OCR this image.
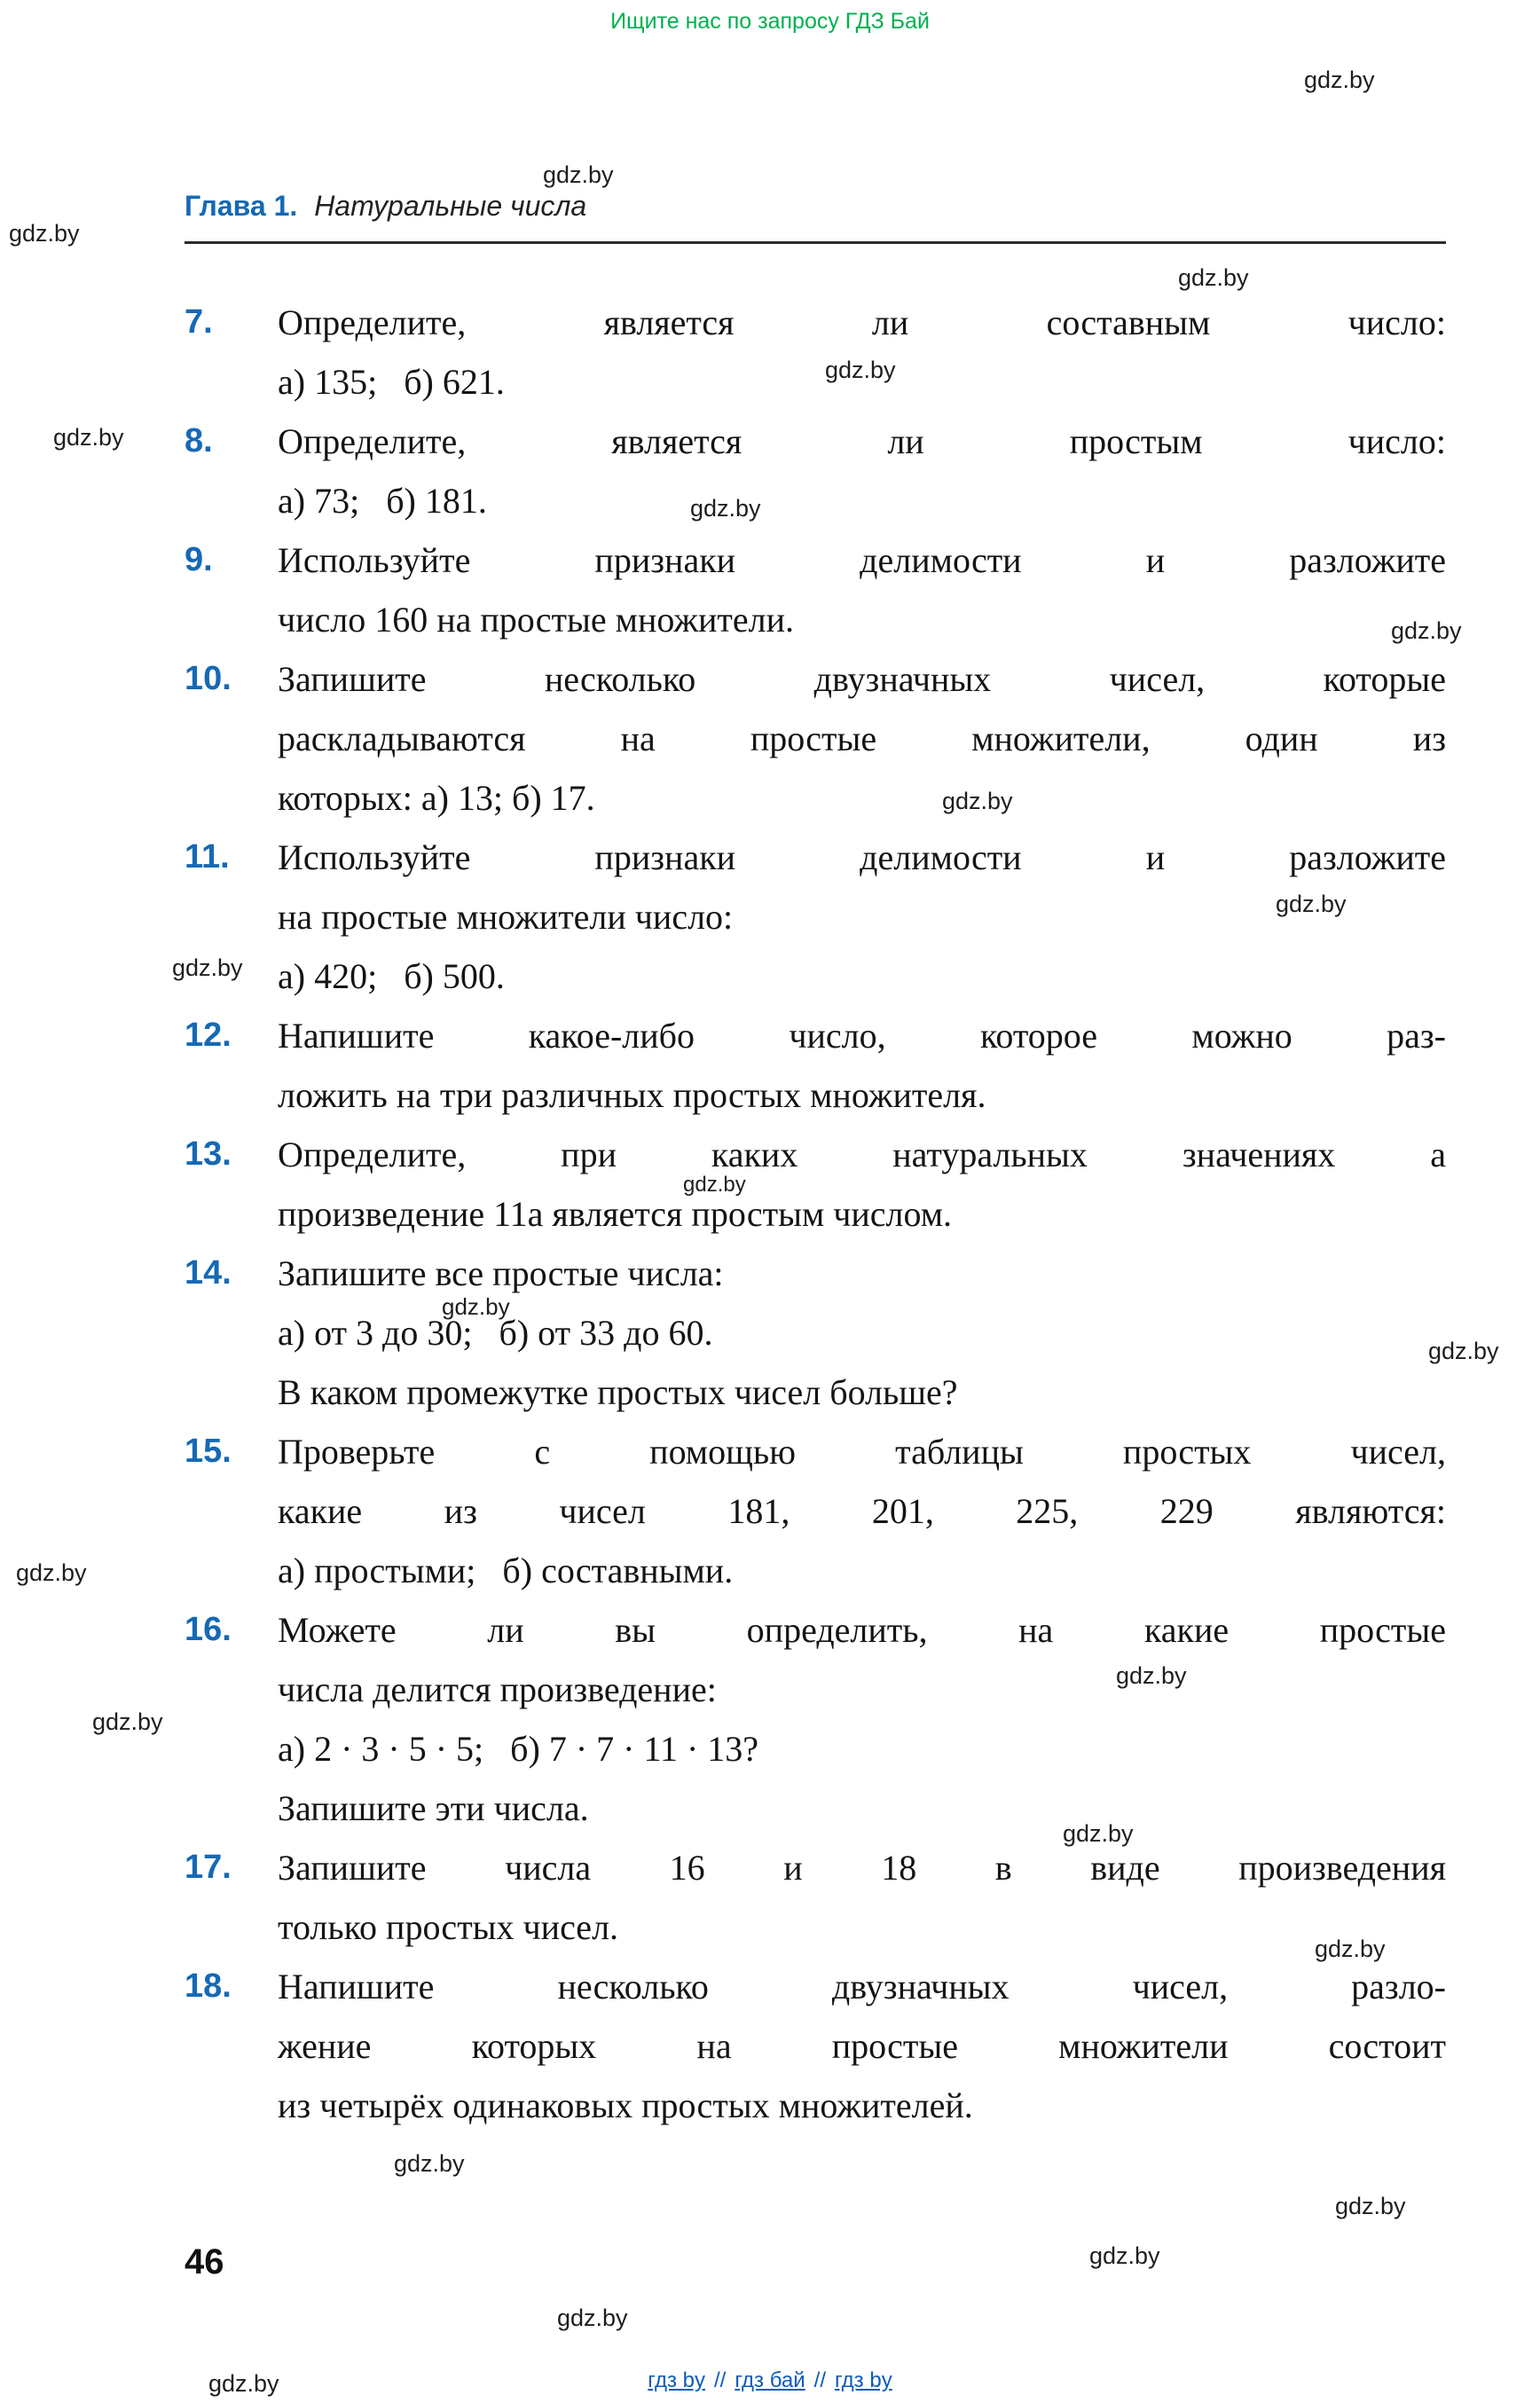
Ищите нас по запросу ГДЗ Бай
gdz.by
gdz.by
gdz.by
gdz.by
gdz.by
gdz.by
gdz.by
gdz.by
gdz.by
gdz.by
gdz.by
gdz.by
gdz.by
gdz.by
gdz.by
gdz.by
gdz.by
gdz.by
gdz.by
gdz.by
gdz.by
gdz.by
gdz.by
gdz.by
Глава 1. Натуральные числа
7.	Определите, является ли составным число:
а) 135;   б) 621.
8.	Определите, является ли простым число:
а) 73;   б) 181.
9.	Используйте признаки делимости и разложите
число 160 на простые множители.
10.	Запишите несколько двузначных чисел, которые
раскладываются на простые множители, один из
которых: а) 13; б) 17.
11.	Используйте признаки делимости и разложите
на простые множители число:
а) 420;   б) 500.
12.	Напишите какое-либо число, которое можно раз-
ложить на три различных простых множителя.
13.	Определите, при каких натуральных значениях а
произведение 11а является простым числом.
14.	Запишите все простые числа:
а) от 3 до 30;   б) от 33 до 60.
В каком промежутке простых чисел больше?
15.	Проверьте с помощью таблицы простых чисел,
какие из чисел 181, 201, 225, 229 являются:
а) простыми;   б) составными.
16.	Можете ли вы определить, на какие простые
числа делится произведение:
а) 2 · 3 · 5 · 5;   б) 7 · 7 · 11 · 13?
Запишите эти числа.
17.	Запишите числа 16 и 18 в виде произведения
только простых чисел.
18.	Напишите несколько двузначных чисел, разло-
жение которых на простые множители состоит
из четырёх одинаковых простых множителей.
46
гдз by // гдз бай // гдз by
